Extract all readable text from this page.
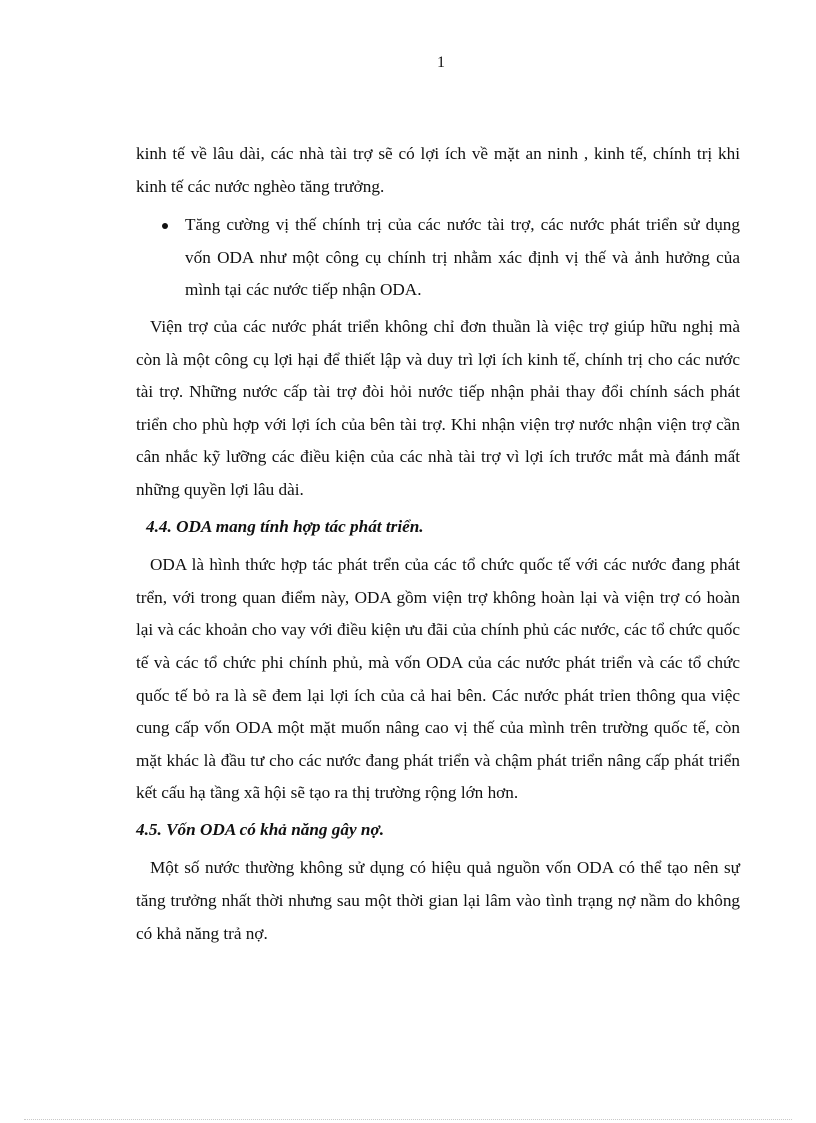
1

kinh tế về lâu dài, các nhà tài trợ sẽ có lợi ích về mặt an ninh , kinh tế, chính trị khi kinh tế các nước nghèo tăng trưởng.

Tăng cường vị thế chính trị của các nước tài trợ, các nước phát triển sử dụng vốn ODA như một công cụ chính trị nhằm xác định vị thế và ảnh hưởng của mình tại các nước tiếp nhận ODA.

Viện trợ của các nước phát triển không chỉ đơn thuần là việc trợ giúp hữu nghị mà còn là một công cụ lợi hại để thiết lập và duy trì lợi ích kinh tế, chính trị cho các nước tài trợ. Những nước cấp tài trợ đòi hỏi nước tiếp nhận phải thay đổi chính sách phát triển cho phù hợp với lợi ích của bên tài trợ. Khi nhận viện trợ nước nhận viện trợ cần cân nhắc kỹ lưỡng các điều kiện của các nhà tài trợ vì lợi ích trước mắt mà đánh mất những quyền lợi lâu dài.

4.4. ODA mang tính hợp tác phát triển.

ODA là hình thức hợp tác phát trển của các tổ chức quốc tế với các nước đang phát trển, với trong quan điểm này, ODA gồm viện trợ không hoàn lại và viện trợ có hoàn lại và các khoản cho vay với điều kiện ưu đãi của chính phủ các nước, các tổ chức quốc tế và các tổ chức phi chính phủ, mà vốn ODA của các nước phát triển và các tổ chức quốc tế bỏ ra là sẽ đem lại lợi ích của cả hai bên. Các nước phát trỉen thông qua việc cung cấp vốn ODA một mặt muốn nâng cao vị thế của mình trên trường quốc tế, còn mặt khác là đầu tư cho các nước đang phát triển và chậm phát triển nâng cấp phát triển kết cấu hạ tầng xã hội sẽ tạo ra thị trường rộng lớn hơn.

4.5. Vốn ODA có khả năng gây nợ.

Một số nước thường không sử dụng có hiệu quả nguồn vốn ODA có thể tạo nên sự tăng trưởng nhất thời nhưng sau một thời gian lại lâm vào tình trạng nợ nầm do không có khả năng trả nợ.
